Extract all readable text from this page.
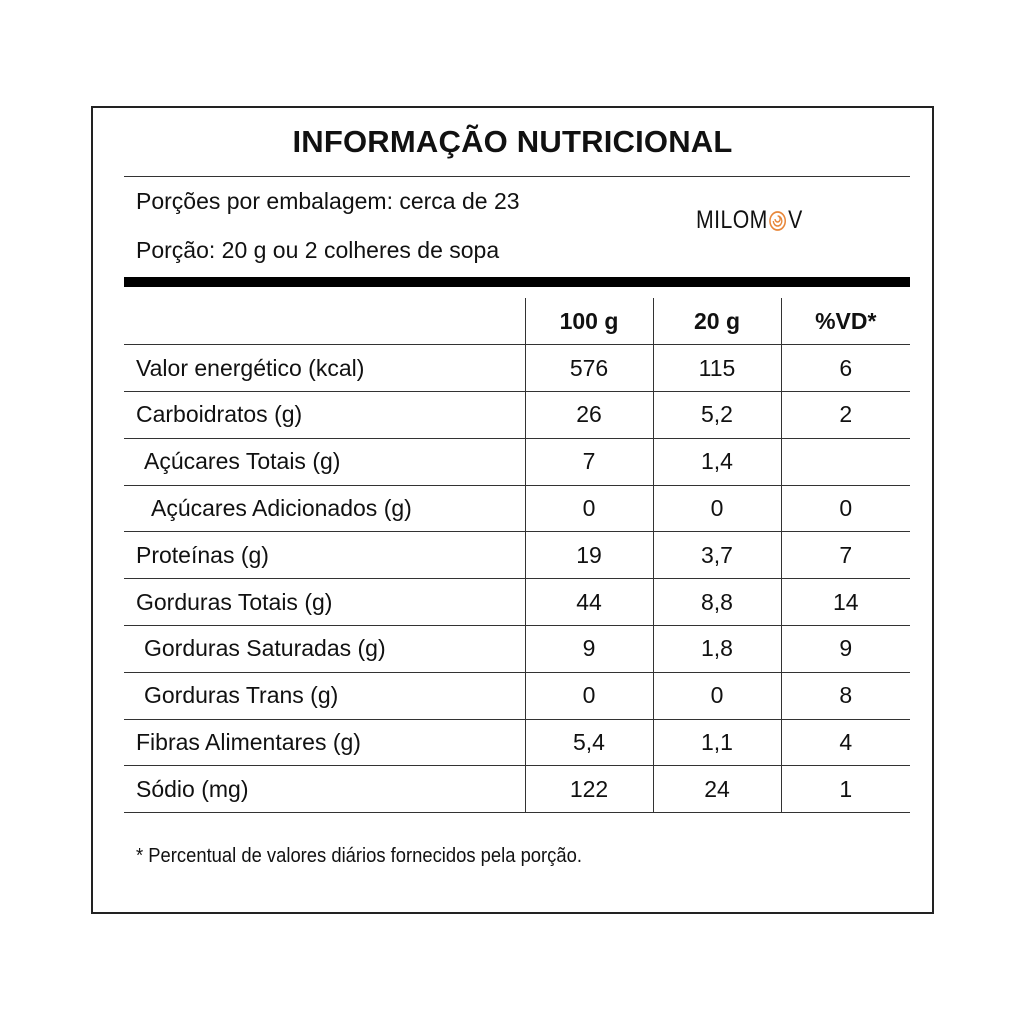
INFORMAÇÃO NUTRICIONAL
Porções por embalagem: cerca de 23
Porção: 20 g ou 2 colheres de sopa
MILOM V
	100 g	20 g	%VD*
Valor energético (kcal)	576	115	6
Carboidratos (g)	26	5,2	2
Açúcares Totais (g)	7	1,4	
Açúcares Adicionados (g)	0	0	0
Proteínas (g)	19	3,7	7
Gorduras Totais (g)	44	8,8	14
Gorduras Saturadas (g)	9	1,8	9
Gorduras Trans (g)	0	0	8
Fibras Alimentares (g)	5,4	1,1	4
Sódio (mg)	122	24	1
* Percentual de valores diários fornecidos pela porção.
